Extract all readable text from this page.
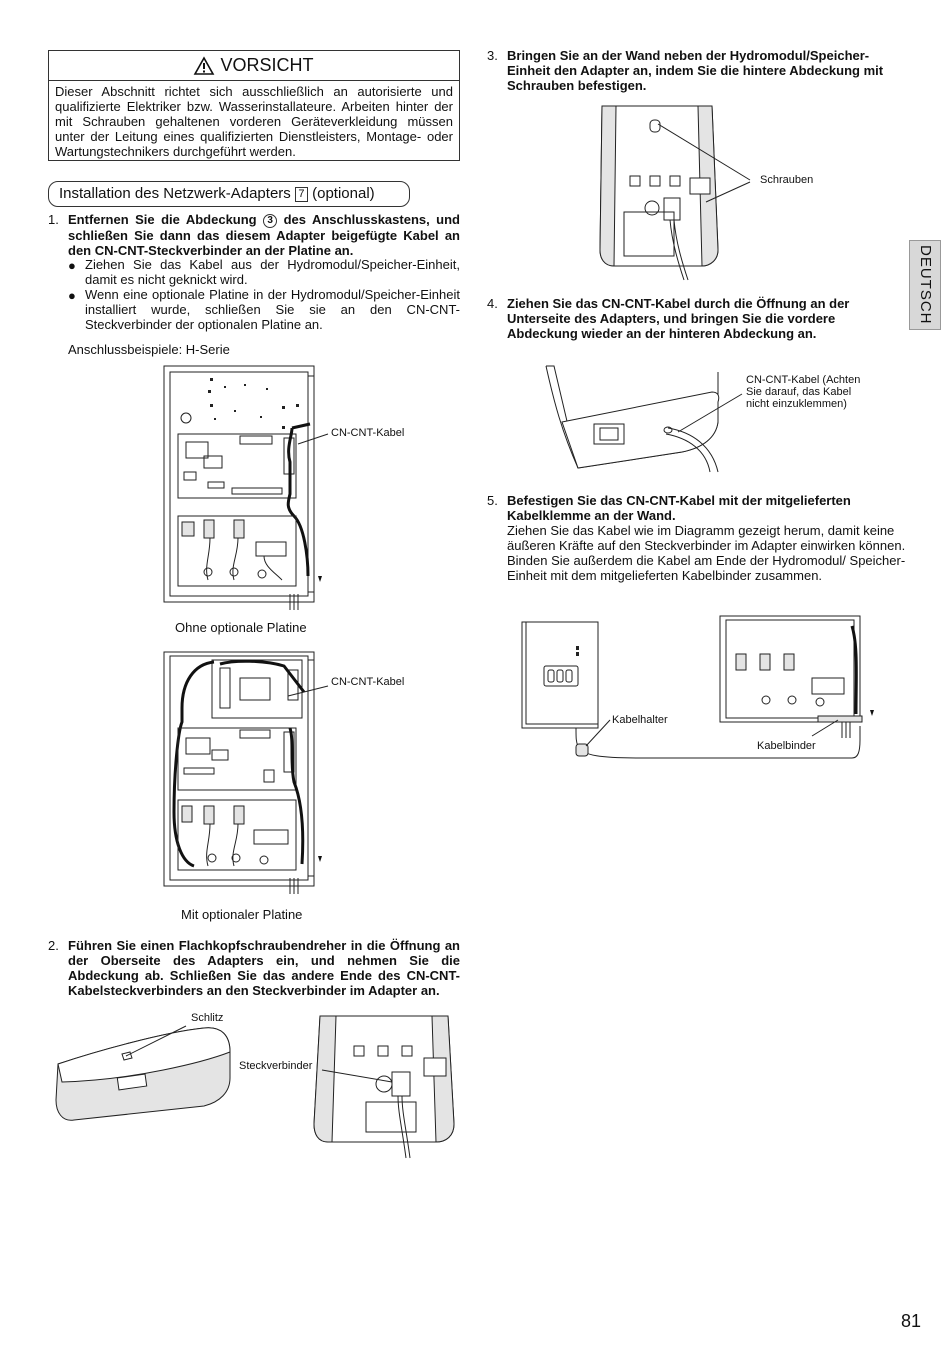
VORSICHT
Dieser Abschnitt richtet sich ausschließlich an autorisierte und qualifizierte Elektriker bzw. Wasserinstallateure. Arbeiten hinter der mit Schrauben gehaltenen vorderen Geräteverkleidung müssen unter der Leitung eines qualifizierten Dienstleisters, Montage- oder Wartungstechnikers durchgeführt werden.
Installation des Netzwerk-Adapters 7 (optional)
1. Entfernen Sie die Abdeckung 3 des Anschlusskastens, und schließen Sie dann das diesem Adapter beigefügte Kabel an den CN-CNT-Steckverbinder an der Platine an.
● Ziehen Sie das Kabel aus der Hydromodul/Speicher-Einheit, damit es nicht geknickt wird.
● Wenn eine optionale Platine in der Hydromodul/Speicher-Einheit installiert wurde, schließen Sie sie an den CN-CNT-Steckverbinder der optionalen Platine an.
Anschlussbeispiele: H-Serie
CN-CNT-Kabel
Ohne optionale Platine
CN-CNT-Kabel
Mit optionaler Platine
2. Führen Sie einen Flachkopfschraubendreher in die Öffnung an der Oberseite des Adapters ein, und nehmen Sie die Abdeckung ab. Schließen Sie das andere Ende des CN-CNT-Kabelsteckverbinders an den Steckverbinder im Adapter an.
Schlitz
Steckverbinder
3. Bringen Sie an der Wand neben der Hydromodul/Speicher-Einheit den Adapter an, indem Sie die hintere Abdeckung mit Schrauben befestigen.
Schrauben
DEUTSCH
4. Ziehen Sie das CN-CNT-Kabel durch die Öffnung an der Unterseite des Adapters, und bringen Sie die vordere Abdeckung wieder an der hinteren Abdeckung an.
CN-CNT-Kabel (Achten Sie darauf, das Kabel nicht einzuklemmen)
5. Befestigen Sie das CN-CNT-Kabel mit der mitgelieferten Kabelklemme an der Wand.
Ziehen Sie das Kabel wie im Diagramm gezeigt herum, damit keine äußeren Kräfte auf den Steckverbinder im Adapter einwirken können.
Binden Sie außerdem die Kabel am Ende der Hydromodul/ Speicher-Einheit mit dem mitgelieferten Kabelbinder zusammen.
Kabelhalter
Kabelbinder
81
